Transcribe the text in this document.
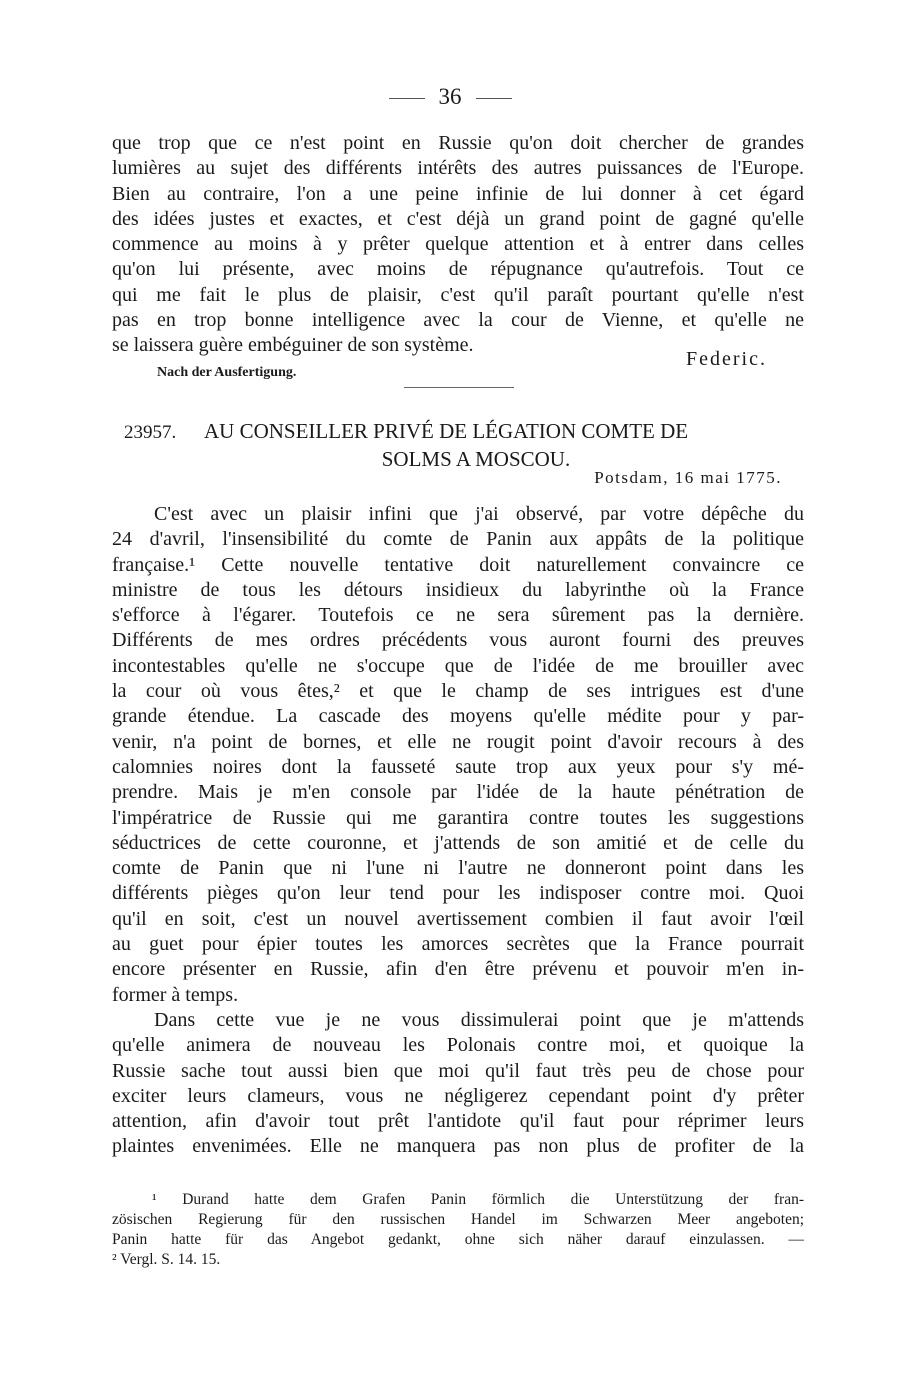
36
que trop que ce n'est point en Russie qu'on doit chercher de grandes
lumières au sujet des différents intérêts des autres puissances de l'Europe.
Bien au contraire, l'on a une peine infinie de lui donner à cet égard
des idées justes et exactes, et c'est déjà un grand point de gagné qu'elle
commence au moins à y prêter quelque attention et à entrer dans celles
qu'on lui présente, avec moins de répugnance qu'autrefois. Tout ce
qui me fait le plus de plaisir, c'est qu'il paraît pourtant qu'elle n'est
pas en trop bonne intelligence avec la cour de Vienne, et qu'elle ne
se laissera guère embéguiner de son système.
Federic.
Nach der Ausfertigung.
23957. AU CONSEILLER PRIVÉ DE LÉGATION COMTE DE
SOLMS A MOSCOU.
Potsdam, 16 mai 1775.
C'est avec un plaisir infini que j'ai observé, par votre dépêche du
24 d'avril, l'insensibilité du comte de Panin aux appâts de la politique
française.¹ Cette nouvelle tentative doit naturellement convaincre ce
ministre de tous les détours insidieux du labyrinthe où la France
s'efforce à l'égarer. Toutefois ce ne sera sûrement pas la dernière.
Différents de mes ordres précédents vous auront fourni des preuves
incontestables qu'elle ne s'occupe que de l'idée de me brouiller avec
la cour où vous êtes,² et que le champ de ses intrigues est d'une
grande étendue. La cascade des moyens qu'elle médite pour y par-
venir, n'a point de bornes, et elle ne rougit point d'avoir recours à des
calomnies noires dont la fausseté saute trop aux yeux pour s'y mé-
prendre. Mais je m'en console par l'idée de la haute pénétration de
l'impératrice de Russie qui me garantira contre toutes les suggestions
séductrices de cette couronne, et j'attends de son amitié et de celle du
comte de Panin que ni l'une ni l'autre ne donneront point dans les
différents pièges qu'on leur tend pour les indisposer contre moi. Quoi
qu'il en soit, c'est un nouvel avertissement combien il faut avoir l'œil
au guet pour épier toutes les amorces secrètes que la France pourrait
encore présenter en Russie, afin d'en être prévenu et pouvoir m'en in-
former à temps.
Dans cette vue je ne vous dissimulerai point que je m'attends
qu'elle animera de nouveau les Polonais contre moi, et quoique la
Russie sache tout aussi bien que moi qu'il faut très peu de chose pour
exciter leurs clameurs, vous ne négligerez cependant point d'y prêter
attention, afin d'avoir tout prêt l'antidote qu'il faut pour réprimer leurs
plaintes envenimées. Elle ne manquera pas non plus de profiter de la
¹ Durand hatte dem Grafen Panin förmlich die Unterstützung der fran-
zösischen Regierung für den russischen Handel im Schwarzen Meer angeboten;
Panin hatte für das Angebot gedankt, ohne sich näher darauf einzulassen. —
² Vergl. S. 14. 15.
